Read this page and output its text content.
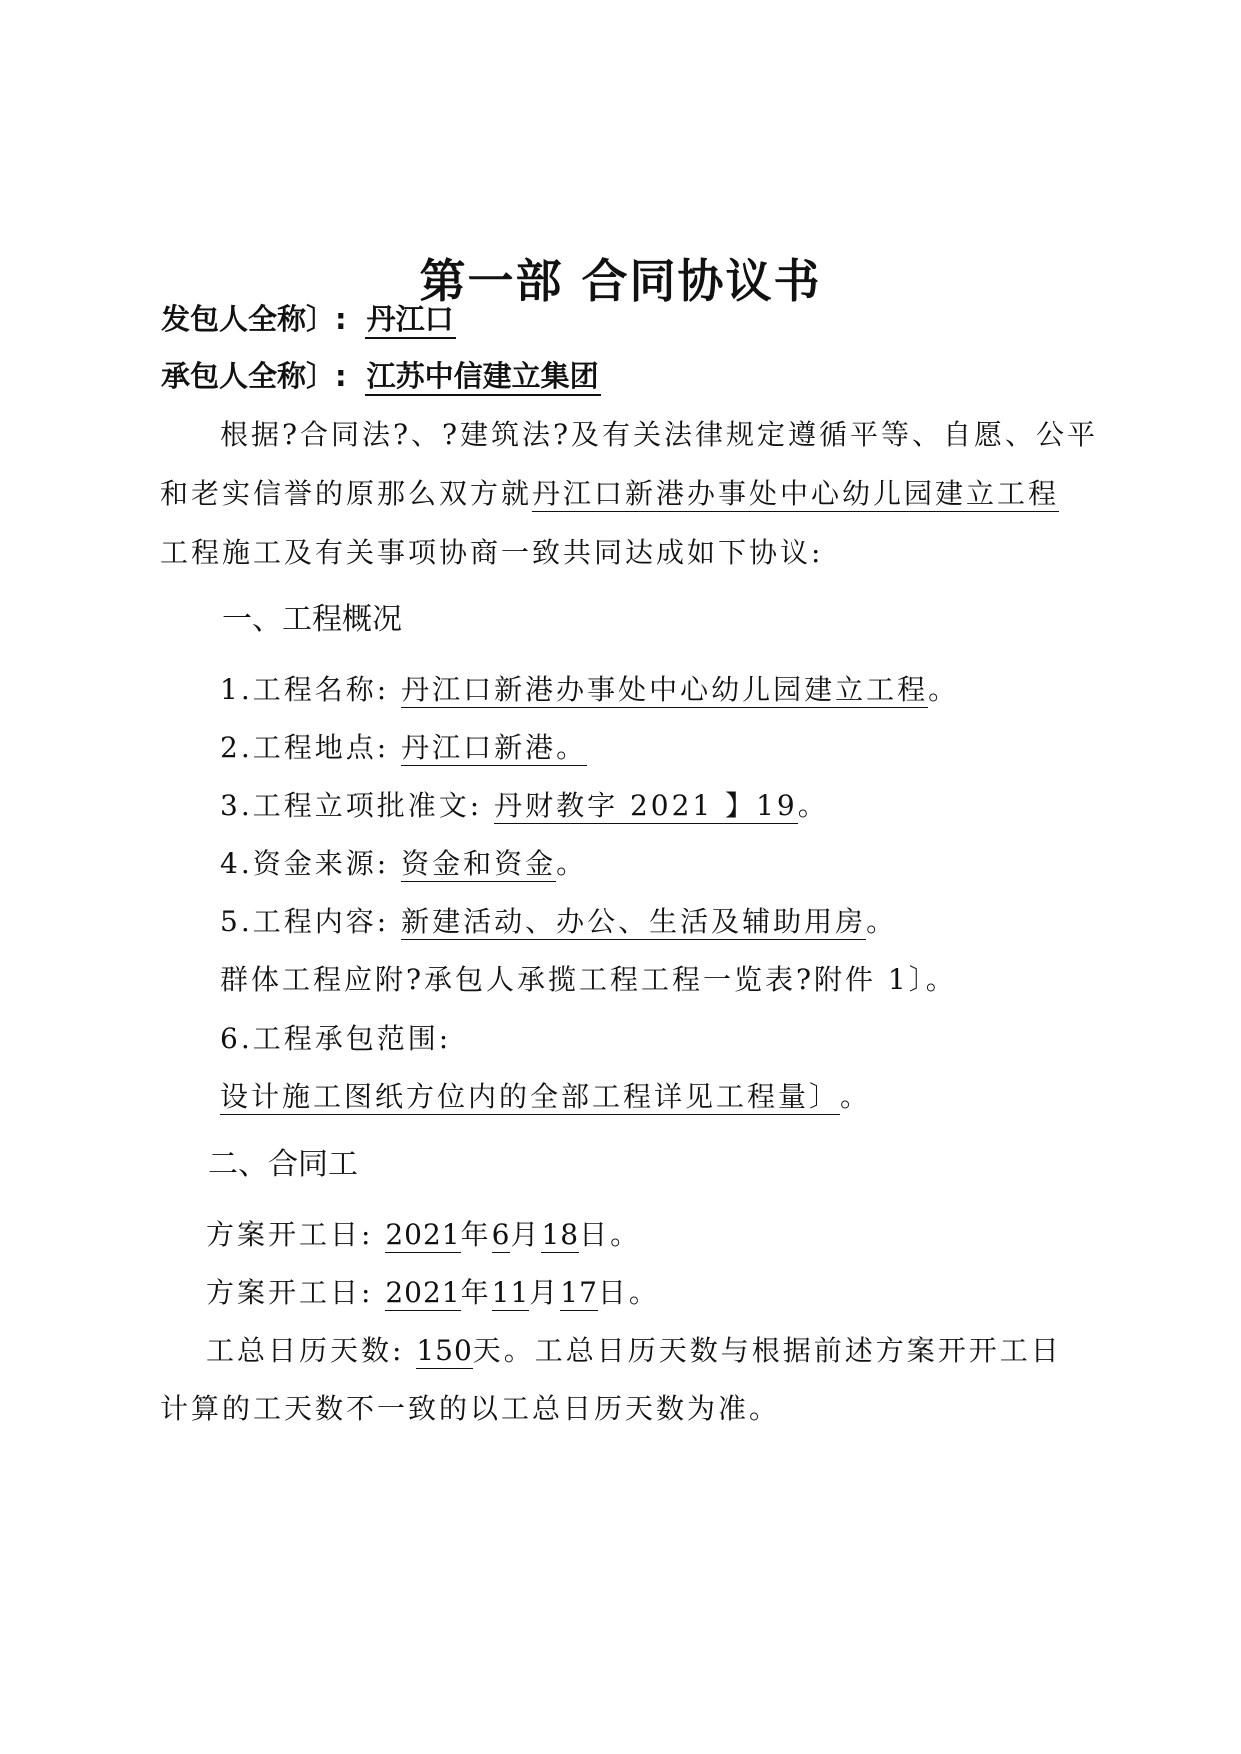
第一部 合同协议书
发包人全称〕: 丹江口
承包人全称〕: 江苏中信建立集团
根据?合同法?、?建筑法?及有关法律规定遵循平等、自愿、公平
和老实信誉的原那么双方就丹江口新港办事处中心幼儿园建立工程
工程施工及有关事项协商一致共同达成如下协议:
一、工程概况
1.工程名称: 丹江口新港办事处中心幼儿园建立工程。
2.工程地点: 丹江口新港。
3.工程立项批准文: 丹财教字 2021 】19。
4.资金来源: 资金和资金。
5.工程内容: 新建活动、办公、生活及辅助用房。
群体工程应附?承包人承揽工程工程一览表?附件 1〕。
6.工程承包范围:
设计施工图纸方位内的全部工程详见工程量〕。
二、合同工
方案开工日: 2021年6月18日。
方案开工日: 2021年11月17日。
工总日历天数: 150天。工总日历天数与根据前述方案开开工日
计算的工天数不一致的以工总日历天数为准。
